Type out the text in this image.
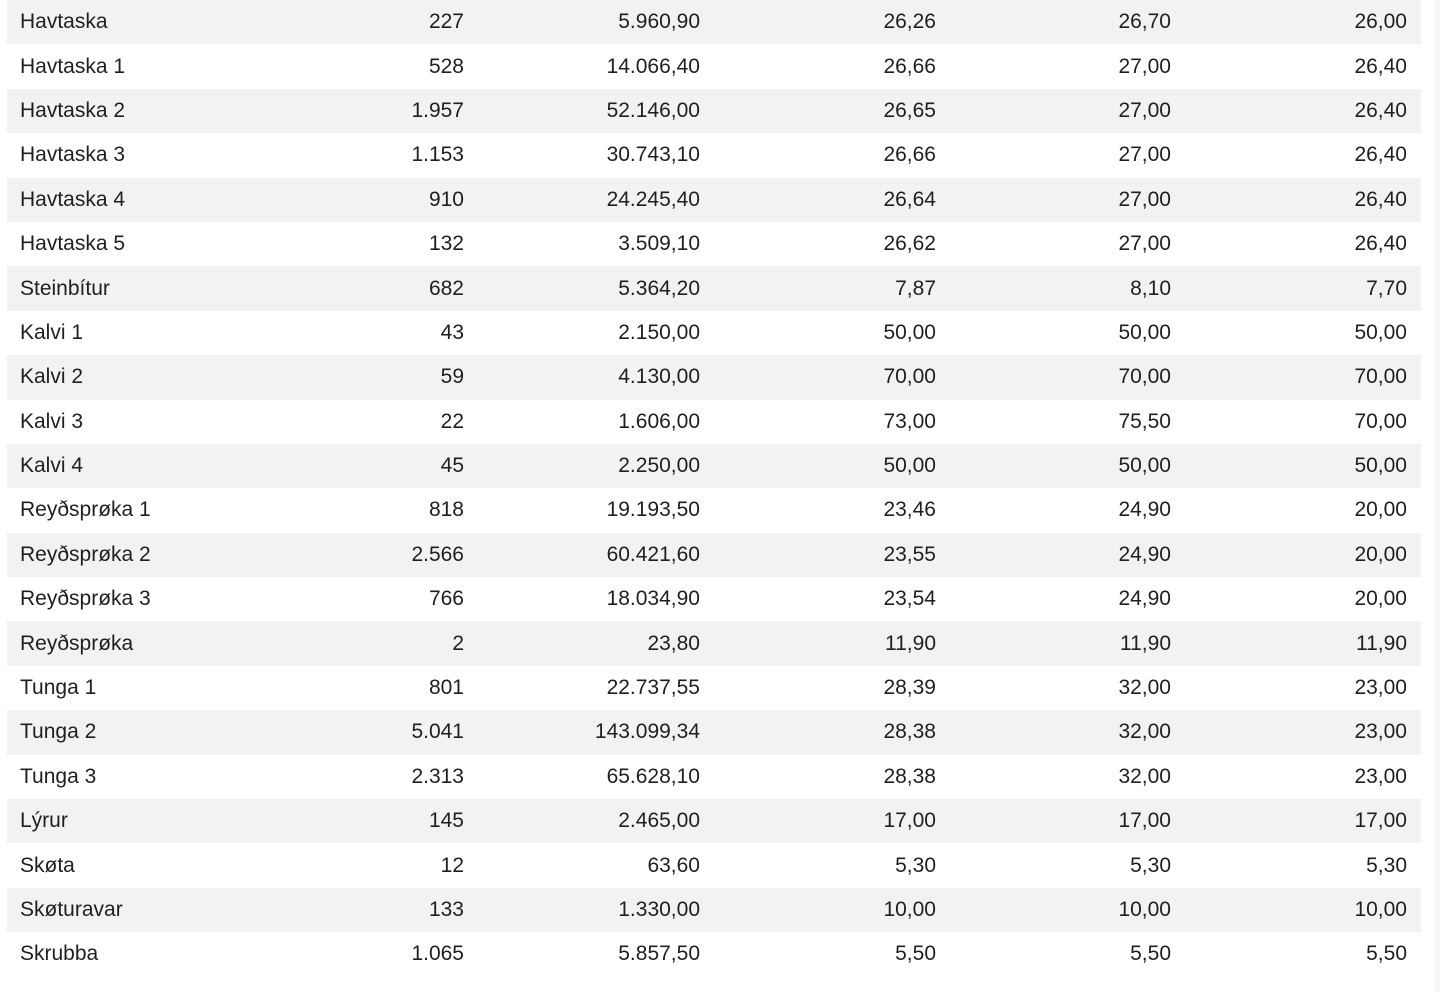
Havtaska	227	5.960,90	26,26	26,70	26,00
Havtaska 1	528	14.066,40	26,66	27,00	26,40
Havtaska 2	1.957	52.146,00	26,65	27,00	26,40
Havtaska 3	1.153	30.743,10	26,66	27,00	26,40
Havtaska 4	910	24.245,40	26,64	27,00	26,40
Havtaska 5	132	3.509,10	26,62	27,00	26,40
Steinbítur	682	5.364,20	7,87	8,10	7,70
Kalvi 1	43	2.150,00	50,00	50,00	50,00
Kalvi 2	59	4.130,00	70,00	70,00	70,00
Kalvi 3	22	1.606,00	73,00	75,50	70,00
Kalvi 4	45	2.250,00	50,00	50,00	50,00
Reyðsprøka 1	818	19.193,50	23,46	24,90	20,00
Reyðsprøka 2	2.566	60.421,60	23,55	24,90	20,00
Reyðsprøka 3	766	18.034,90	23,54	24,90	20,00
Reyðsprøka	2	23,80	11,90	11,90	11,90
Tunga 1	801	22.737,55	28,39	32,00	23,00
Tunga 2	5.041	143.099,34	28,38	32,00	23,00
Tunga 3	2.313	65.628,10	28,38	32,00	23,00
Lýrur	145	2.465,00	17,00	17,00	17,00
Skøta	12	63,60	5,30	5,30	5,30
Skøturavar	133	1.330,00	10,00	10,00	10,00
Skrubba	1.065	5.857,50	5,50	5,50	5,50
